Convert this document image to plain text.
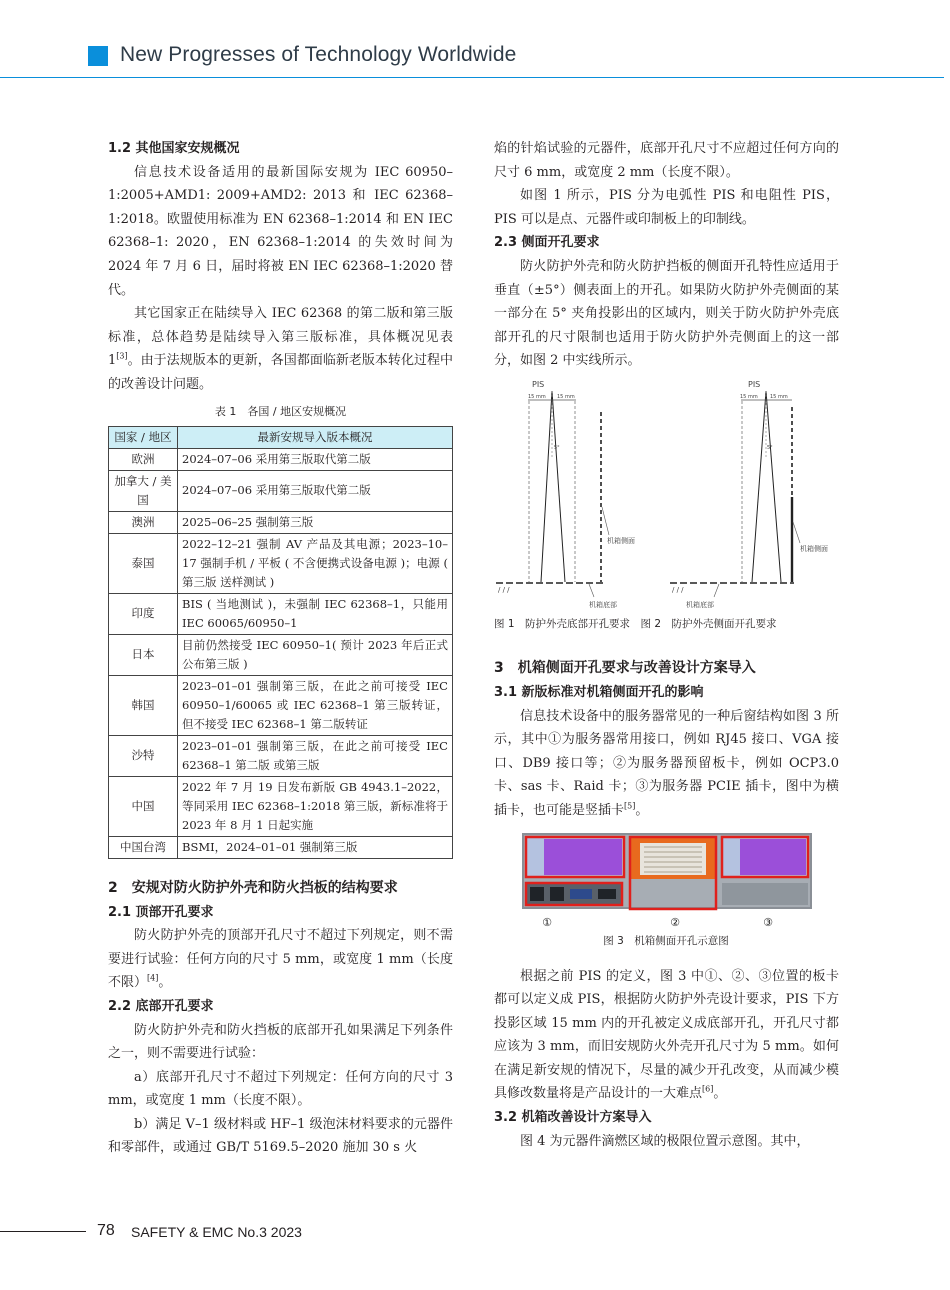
New Progresses of Technology Worldwide
1.2 其他国家安规概况
信息技术设备适用的最新国际安规为 IEC 60950–1:2005+AMD1: 2009+AMD2: 2013 和 IEC 62368–1:2018。欧盟使用标准为 EN 62368–1:2014 和 EN IEC 62368–1: 2020，EN 62368–1:2014 的失效时间为 2024 年 7 月 6 日，届时将被 EN IEC 62368–1:2020 替代。
其它国家正在陆续导入 IEC 62368 的第二版和第三版标准，总体趋势是陆续导入第三版标准，具体概况见表 1[3]。由于法规版本的更新，各国都面临新老版本转化过程中的改善设计问题。
表 1　各国 / 地区安规概况
国家 / 地区	最新安规导入版本概况
欧洲	2024–07–06 采用第三版取代第二版
加拿大 / 美国	2024–07–06 采用第三版取代第二版
澳洲	2025–06–25 强制第三版
泰国	2022–12–21 强制 AV 产品及其电源；2023–10–17 强制手机 / 平板 ( 不含便携式设备电源 )；电源 ( 第三版 送样测试 )
印度	BIS ( 当地测试 )，未强制 IEC 62368–1，只能用 IEC 60065/60950–1
日本	目前仍然接受 IEC 60950–1( 预计 2023 年后正式公布第三版 )
韩国	2023–01–01 强制第三版，在此之前可接受 IEC 60950–1/60065 或 IEC 62368–1 第三版转证，但不接受 IEC 62368–1 第二版转证
沙特	2023–01–01 强制第三版，在此之前可接受 IEC 62368–1 第二版 或第三版
中国	2022 年 7 月 19 日发布新版 GB 4943.1–2022，等同采用 IEC 62368–1:2018 第三版，新标准将于 2023 年 8 月 1 日起实施
中国台湾	BSMI，2024–01–01 强制第三版
2　安规对防火防护外壳和防火挡板的结构要求
2.1 顶部开孔要求
防火防护外壳的顶部开孔尺寸不超过下列规定，则不需要进行试验：任何方向的尺寸 5 mm，或宽度 1 mm（长度不限）[4]。
2.2 底部开孔要求
防火防护外壳和防火挡板的底部开孔如果满足下列条件之一，则不需要进行试验：
a）底部开孔尺寸不超过下列规定：任何方向的尺寸 3 mm，或宽度 1 mm（长度不限）。
b）满足 V–1 级材料或 HF–1 级泡沫材料要求的元器件和零部件，或通过 GB/T 5169.5–2020 施加 30 s 火
焰的针焰试验的元器件，底部开孔尺寸不应超过任何方向的尺寸 6 mm，或宽度 2 mm（长度不限）。
如图 1 所示，PIS 分为电弧性 PIS 和电阻性 PIS，PIS 可以是点、元器件或印制板上的印制线。
2.3 侧面开孔要求
防火防护外壳和防火防护挡板的侧面开孔特性应适用于垂直（±5°）侧表面上的开孔。如果防火防护外壳侧面的某一部分在 5° 夹角投影出的区域内，则关于防火防护外壳底部开孔的尺寸限制也适用于防火防护外壳侧面上的这一部分，如图 2 中实线所示。
PIS
15 mm 15 mm
5°
/ / /
机箱侧面
机箱底部
PIS
15 mm 15 mm
5°
/ / /
机箱侧面
机箱底部
图 1　防护外壳底部开孔要求　图 2　防护外壳侧面开孔要求
3　机箱侧面开孔要求与改善设计方案导入
3.1 新版标准对机箱侧面开孔的影响
信息技术设备中的服务器常见的一种后窗结构如图 3 所示，其中①为服务器常用接口，例如 RJ45 接口、VGA 接口、DB9 接口等；②为服务器预留板卡，例如 OCP3.0 卡、sas 卡、Raid 卡；③为服务器 PCIE 插卡，图中为横插卡，也可能是竖插卡[5]。
①	②	③
图 3　机箱侧面开孔示意图
根据之前 PIS 的定义，图 3 中①、②、③位置的板卡都可以定义成 PIS，根据防火防护外壳设计要求，PIS 下方投影区域 15 mm 内的开孔被定义成底部开孔，开孔尺寸都应该为 3 mm，而旧安规防火外壳开孔尺寸为 5 mm。如何在满足新安规的情况下，尽量的减少开孔改变，从而减少模具修改数量将是产品设计的一大难点[6]。
3.2 机箱改善设计方案导入
图 4 为元器件滴燃区域的极限位置示意图。其中，
78 SAFETY & EMC No.3 2023
